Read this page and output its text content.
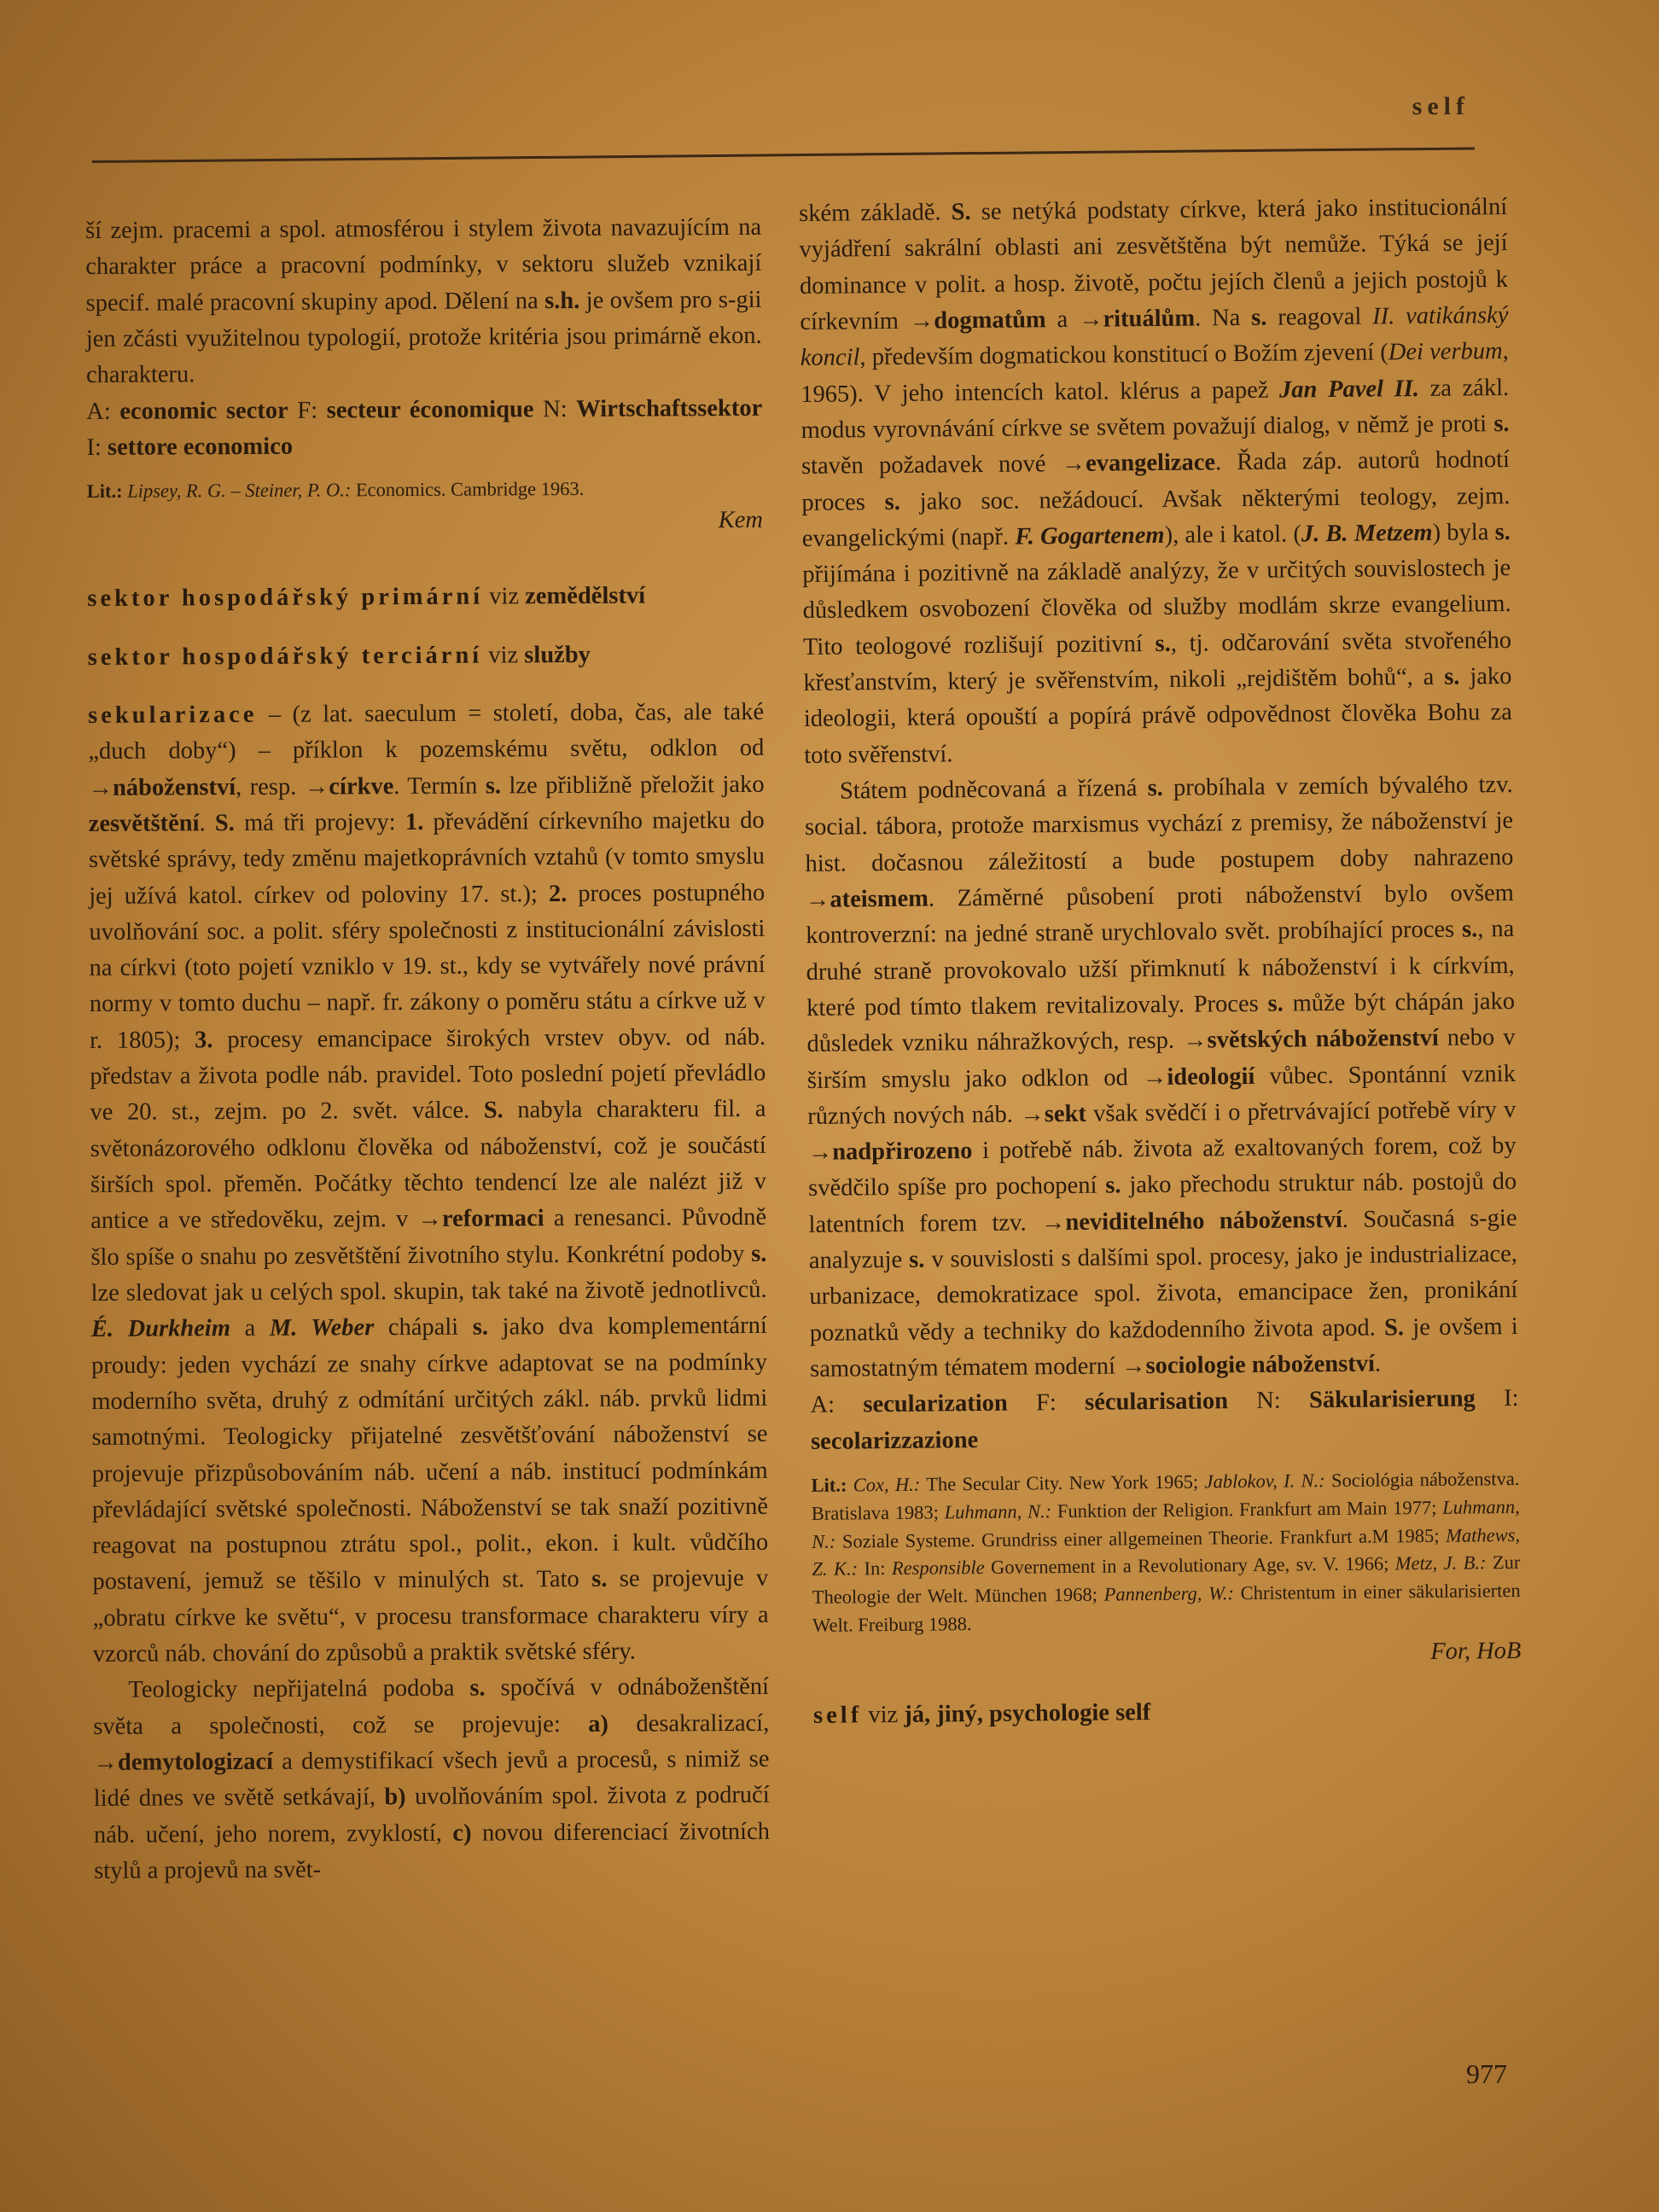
self

ší zejm. pracemi a spol. atmosférou i stylem života navazujícím na charakter práce a pracovní podmínky, v sektoru služeb vznikají specif. malé pracovní skupiny apod. Dělení na s.h. je ovšem pro s-gii jen zčásti využitelnou typologií, protože kritéria jsou primárně ekon. charakteru.

A: economic sector F: secteur économique N: Wirtschaftssektor I: settore economico

Lit.: Lipsey, R. G. – Steiner, P. O.: Economics. Cambridge 1963.

Kem

sektor hospodářský primární viz zemědělství

sektor hospodářský terciární viz služby

sekularizace – (z lat. saeculum = století, doba, čas, ale také „duch doby“) – příklon k pozemskému světu, odklon od →náboženství, resp. →církve. Termín s. lze přibližně přeložit jako zesvětštění. S. má tři projevy: 1. převádění církevního majetku do světské správy, tedy změnu majetkoprávních vztahů (v tomto smyslu jej užívá katol. církev od poloviny 17. st.); 2. proces postupného uvolňování soc. a polit. sféry společnosti z institucionální závislosti na církvi (toto pojetí vzniklo v 19. st., kdy se vytvářely nové právní normy v tomto duchu – např. fr. zákony o poměru státu a církve už v r. 1805); 3. procesy emancipace širokých vrstev obyv. od náb. představ a života podle náb. pravidel. Toto poslední pojetí převládlo ve 20. st., zejm. po 2. svět. válce. S. nabyla charakteru fil. a světonázorového odklonu člověka od náboženství, což je součástí širších spol. přeměn. Počátky těchto tendencí lze ale nalézt již v antice a ve středověku, zejm. v →reformaci a renesanci. Původně šlo spíše o snahu po zesvětštění životního stylu. Konkrétní podoby s. lze sledovat jak u celých spol. skupin, tak také na životě jednotlivců. É. Durkheim a M. Weber chápali s. jako dva komplementární proudy: jeden vychází ze snahy církve adaptovat se na podmínky moderního světa, druhý z odmítání určitých zákl. náb. prvků lidmi samotnými. Teologicky přijatelné zesvětšťování náboženství se projevuje přizpůsobováním náb. učení a náb. institucí podmínkám převládající světské společnosti. Náboženství se tak snaží pozitivně reagovat na postupnou ztrátu spol., polit., ekon. i kult. vůdčího postavení, jemuž se těšilo v minulých st. Tato s. se projevuje v „obratu církve ke světu“, v procesu transformace charakteru víry a vzorců náb. chování do způsobů a praktik světské sféry.

Teologicky nepřijatelná podoba s. spočívá v odnáboženštění světa a společnosti, což se projevuje: a) desakralizací, →demytologizací a demystifikací všech jevů a procesů, s nimiž se lidé dnes ve světě setkávají, b) uvolňováním spol. života z područí náb. učení, jeho norem, zvyklostí, c) novou diferenciací životních stylů a projevů na svět-

ském základě. S. se netýká podstaty církve, která jako institucionální vyjádření sakrální oblasti ani zesvětštěna být nemůže. Týká se její dominance v polit. a hosp. životě, počtu jejích členů a jejich postojů k církevním →dogmatům a →rituálům. Na s. reagoval II. vatikánský koncil, především dogmatickou konstitucí o Božím zjevení (Dei verbum, 1965). V jeho intencích katol. klérus a papež Jan Pavel II. za zákl. modus vyrovnávání církve se světem považují dialog, v němž je proti s. stavěn požadavek nové →evangelizace. Řada záp. autorů hodnotí proces s. jako soc. nežádoucí. Avšak některými teology, zejm. evangelickými (např. F. Gogartenem), ale i katol. (J. B. Metzem) byla s. přijímána i pozitivně na základě analýzy, že v určitých souvislostech je důsledkem osvobození člověka od služby modlám skrze evangelium. Tito teologové rozlišují pozitivní s., tj. odčarování světa stvořeného křesťanstvím, který je svěřenstvím, nikoli „rejdištěm bohů“, a s. jako ideologii, která opouští a popírá právě odpovědnost člověka Bohu za toto svěřenství.

Státem podněcovaná a řízená s. probíhala v zemích bývalého tzv. social. tábora, protože marxismus vychází z premisy, že náboženství je hist. dočasnou záležitostí a bude postupem doby nahrazeno →ateismem. Záměrné působení proti náboženství bylo ovšem kontroverzní: na jedné straně urychlovalo svět. probíhající proces s., na druhé straně provokovalo užší přimknutí k náboženství i k církvím, které pod tímto tlakem revitalizovaly. Proces s. může být chápán jako důsledek vzniku náhražkových, resp. →světských náboženství nebo v širším smyslu jako odklon od →ideologií vůbec. Spontánní vznik různých nových náb. →sekt však svědčí i o přetrvávající potřebě víry v →nadpřirozeno i potřebě náb. života až exaltovaných forem, což by svědčilo spíše pro pochopení s. jako přechodu struktur náb. postojů do latentních forem tzv. →neviditelného náboženství. Současná s-gie analyzuje s. v souvislosti s dalšími spol. procesy, jako je industrializace, urbanizace, demokratizace spol. života, emancipace žen, pronikání poznatků vědy a techniky do každodenního života apod. S. je ovšem i samostatným tématem moderní →sociologie náboženství.

A: secularization F: sécularisation N: Säkularisierung I: secolarizzazione

Lit.: Cox, H.: The Secular City. New York 1965; Jablokov, I. N.: Sociológia náboženstva. Bratislava 1983; Luhmann, N.: Funktion der Religion. Frankfurt am Main 1977; Luhmann, N.: Soziale Systeme. Grundriss einer allgemeinen Theorie. Frankfurt a.M 1985; Mathews, Z. K.: In: Responsible Governement in a Revolutionary Age, sv. V. 1966; Metz, J. B.: Zur Theologie der Welt. München 1968; Pannenberg, W.: Christentum in einer säkularisierten Welt. Freiburg 1988.

For, HoB

self viz já, jiný, psychologie self

977
